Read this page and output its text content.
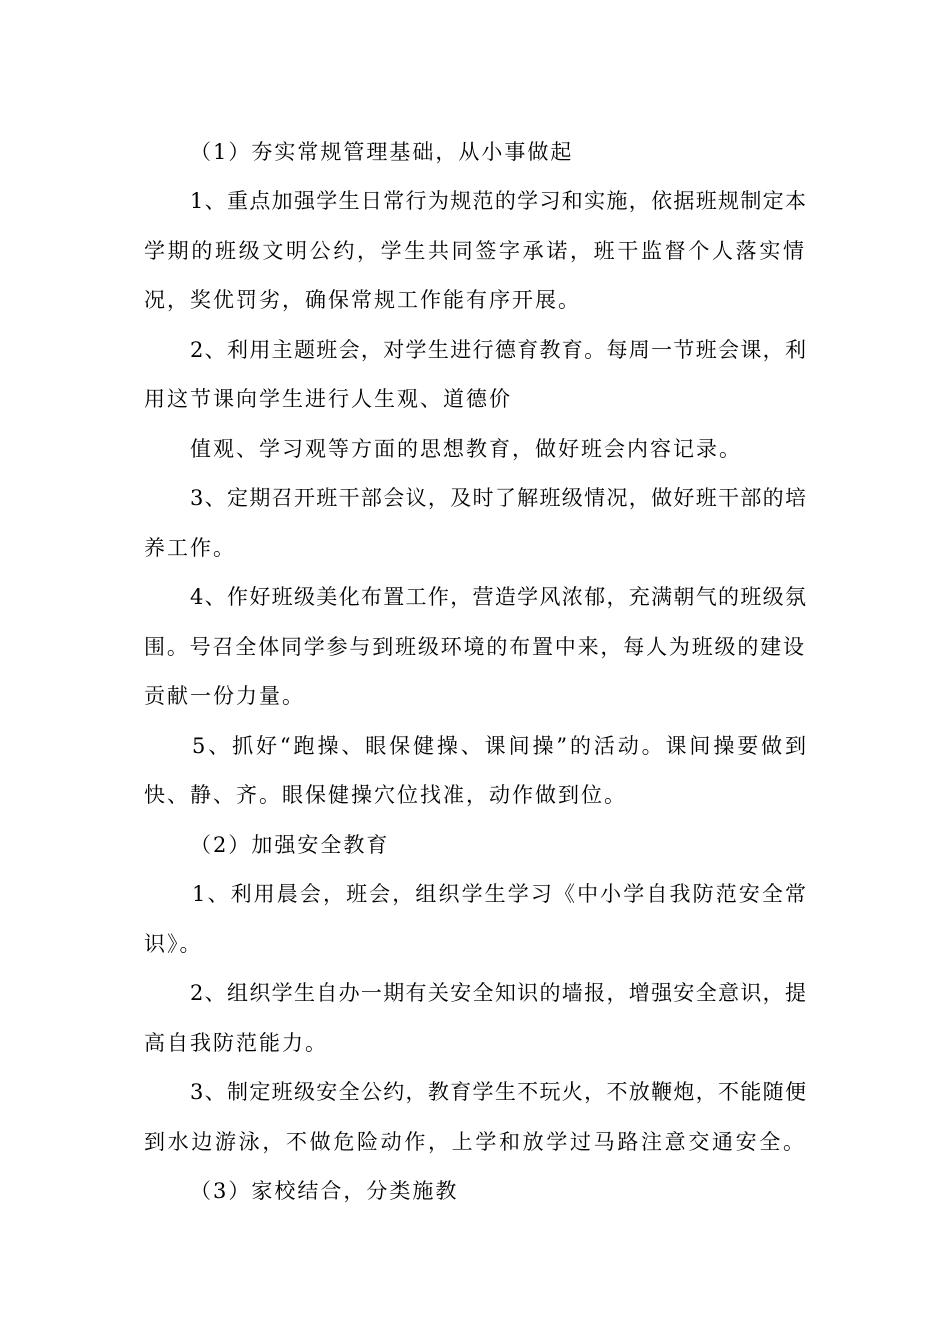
（1）夯实常规管理基础，从小事做起
1、重点加强学生日常行为规范的学习和实施，依据班规制定本
学期的班级文明公约，学生共同签字承诺，班干监督个人落实情
况，奖优罚劣，确保常规工作能有序开展。
2、利用主题班会，对学生进行德育教育。每周一节班会课，利
用这节课向学生进行人生观、道德价
值观、学习观等方面的思想教育，做好班会内容记录。
3、定期召开班干部会议，及时了解班级情况，做好班干部的培
养工作。
4、作好班级美化布置工作，营造学风浓郁，充满朝气的班级氛
围。号召全体同学参与到班级环境的布置中来，每人为班级的建设
贡献一份力量。
5、抓好“跑操、眼保健操、课间操”的活动。课间操要做到
快、静、齐。眼保健操穴位找准，动作做到位。
（2）加强安全教育
1、利用晨会，班会，组织学生学习《中小学自我防范安全常
识》。
2、组织学生自办一期有关安全知识的墙报，增强安全意识，提
高自我防范能力。
3、制定班级安全公约，教育学生不玩火，不放鞭炮，不能随便
到水边游泳，不做危险动作，上学和放学过马路注意交通安全。
（3）家校结合，分类施教
